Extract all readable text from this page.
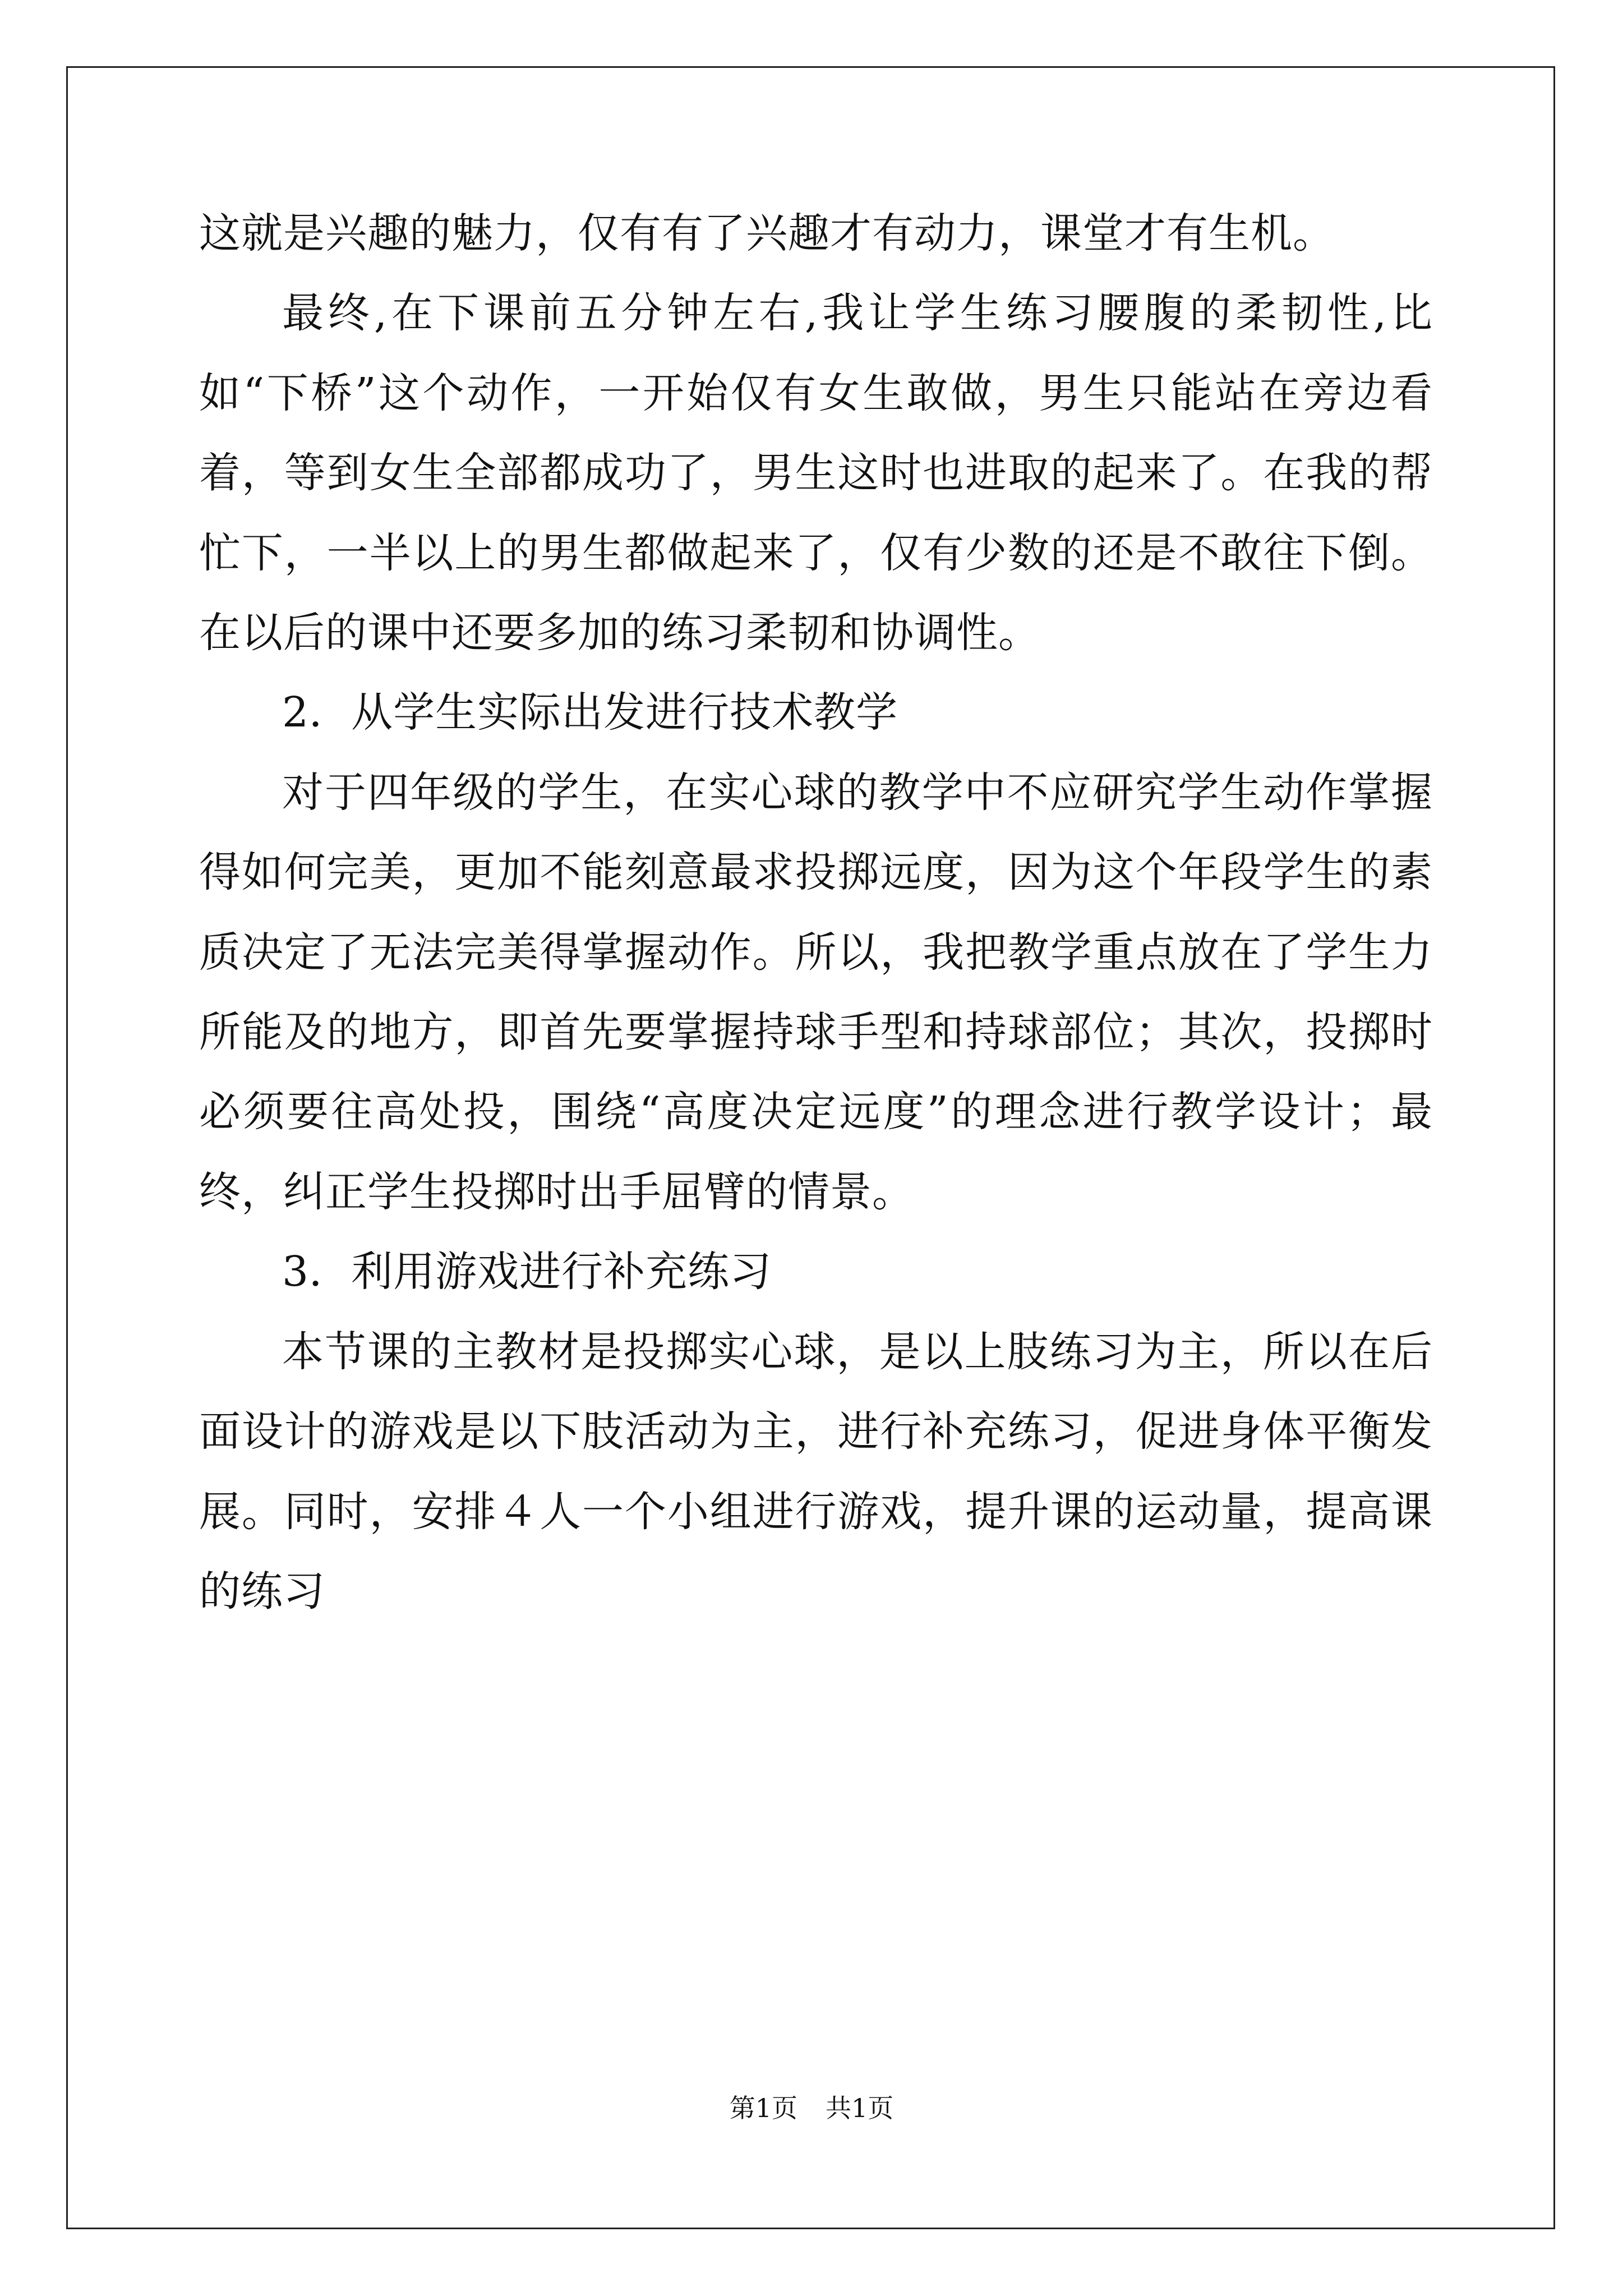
这就是兴趣的魅力，仅有有了兴趣才有动力，课堂才有生机。

最终,在下课前五分钟左右,我让学生练习腰腹的柔韧性,比如“下桥”这个动作，一开始仅有女生敢做，男生只能站在旁边看着，等到女生全部都成功了，男生这时也进取的起来了。在我的帮忙下，一半以上的男生都做起来了，仅有少数的还是不敢往下倒。在以后的课中还要多加的练习柔韧和协调性。

2．从学生实际出发进行技术教学

对于四年级的学生，在实心球的教学中不应研究学生动作掌握得如何完美，更加不能刻意最求投掷远度，因为这个年段学生的素质决定了无法完美得掌握动作。所以，我把教学重点放在了学生力所能及的地方，即首先要掌握持球手型和持球部位；其次，投掷时必须要往高处投，围绕“高度决定远度”的理念进行教学设计；最终，纠正学生投掷时出手屈臂的情景。

3．利用游戏进行补充练习

本节课的主教材是投掷实心球，是以上肢练习为主，所以在后面设计的游戏是以下肢活动为主，进行补充练习，促进身体平衡发展。同时，安排４人一个小组进行游戏，提升课的运动量，提高课的练习

第1页 共1页
